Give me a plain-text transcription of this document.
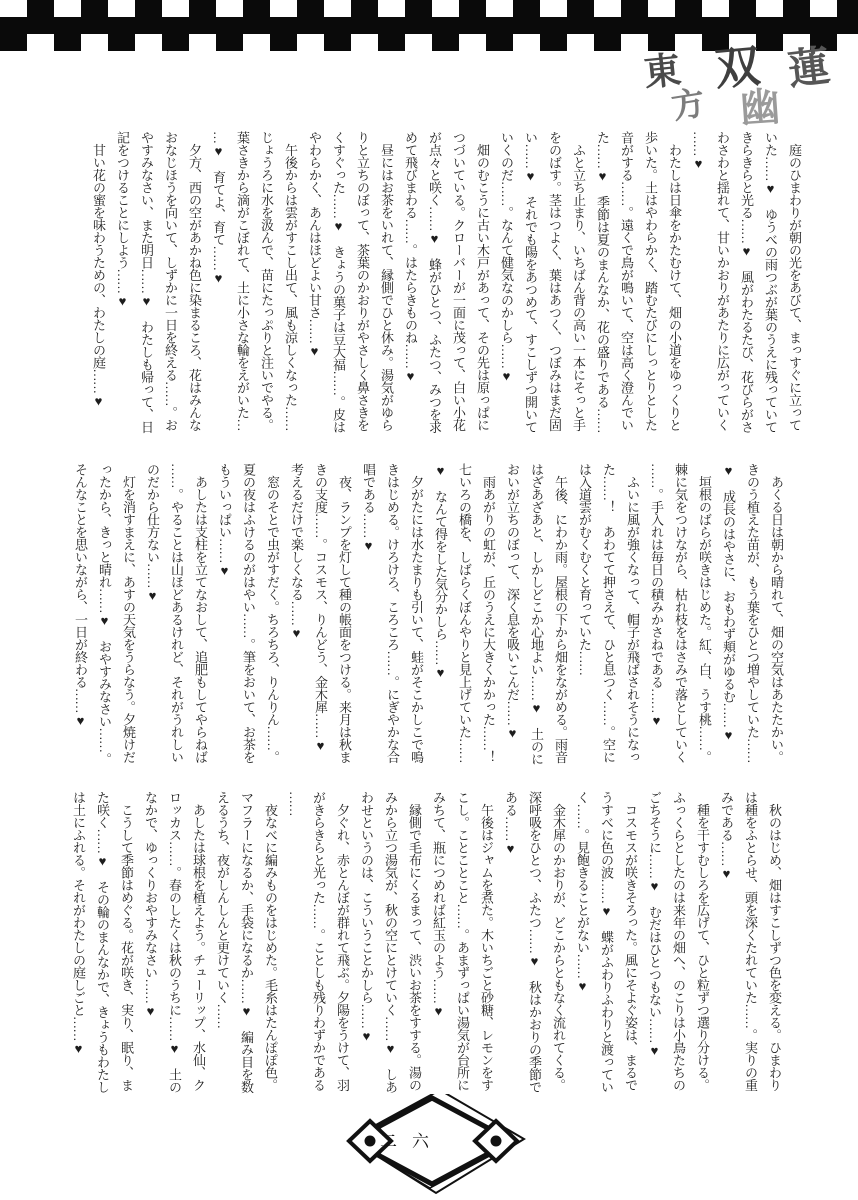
東
方
双
幽
蓮
　庭のひまわりが朝の光をあびて、まっすぐに立って
いた……♥　ゆうべの雨つぶが葉のうえに残っていて
きらきらと光る……♥　風がわたるたび、花びらがさ
わさわと揺れて、甘いかおりがあたりに広がっていく
……♥
　わたしは日傘をかたむけて、畑の小道をゆっくりと
歩いた。土はやわらかく、踏むたびにしっとりとした
音がする……。遠くで鳥が鳴いて、空は高く澄んでい
た……♥　季節は夏のまんなか、花の盛りである……
　ふと立ち止まり、いちばん背の高い一本にそっと手
をのばす。茎はつよく、葉はあつく、つぼみはまだ固
い……♥　それでも陽をあつめて、すこしずつ開いて
いくのだ……。なんて健気なのかしら……♥
　畑のむこうに古い木戸があって、その先は原っぱに
つづいている。クローバーが一面に茂って、白い小花
が点々と咲く……♥　蜂がひとつ、ふたつ、みつを求
めて飛びまわる……。はたらきものね……♥
　昼にはお茶をいれて、縁側でひと休み。湯気がゆら
りと立ちのぼって、茶葉のかおりがやさしく鼻さきを
くすぐった……♥　きょうの菓子は豆大福……。皮は
やわらかく、あんはほどよい甘さ……♥
　午後からは雲がすこし出て、風も涼しくなった……
じょうろに水を汲んで、苗にたっぷりと注いでやる。
葉さきから滴がこぼれて、土に小さな輪をえがいた…
…♥　育てよ、育て……♥
　夕方、西の空があかね色に染まるころ、花はみんな
おなじほうを向いて、しずかに一日を終える……。お
やすみなさい、また明日……♥　わたしも帰って、日
記をつけることにしよう……♥
　甘い花の蜜を味わうための、わたしの庭……♥
　あくる日は朝から晴れて、畑の空気はあたたかい。
きのう植えた苗が、もう葉をひとつ増やしていた……
♥　成長のはやさに、おもわず頬がゆるむ……♥
　垣根のばらが咲きはじめた。紅、白、うす桃……。
棘に気をつけながら、枯れ枝をはさみで落としていく
……。手入れは毎日の積みかさねである……♥
　ふいに風が強くなって、帽子が飛ばされそうになっ
た……！　あわてて押さえて、ひと息つく……。空に
は入道雲がむくむくと育っていた……
　午後、にわか雨。屋根の下から畑をながめる。雨音
はざあざあと、しかしどこか心地よい……♥　土のに
おいが立ちのぼって、深く息を吸いこんだ……♥
　雨あがりの虹が、丘のうえに大きくかかった……！
七いろの橋を、しばらくぼんやりと見上げていた……
♥　なんて得をした気分かしら……♥
　夕がたには水たまりも引いて、蛙がそこかしこで鳴
きはじめる。けろけろ、ころころ……。にぎやかな合
唱である……♥
　夜、ランプを灯して種の帳面をつける。来月は秋ま
きの支度……。コスモス、りんどう、金木犀……♥　
考えるだけで楽しくなる……♥
　窓のそとで虫がすだく。ちろちろ、りんりん……。
夏の夜はふけるのがはやい……。筆をおいて、お茶を
もういっぱい……♥
　あしたは支柱を立てなおして、追肥もしてやらねば
……。やることは山ほどあるけれど、それがうれしい
のだから仕方ない……♥
　灯を消すまえに、あすの天気をうらなう。夕焼けだ
ったから、きっと晴れ……♥　おやすみなさい……。
そんなことを思いながら、一日が終わる……♥
　秋のはじめ、畑はすこしずつ色を変える。ひまわり
は種をふとらせ、頭を深くたれていた……。実りの重
みである……♥
　種を干すむしろを広げて、ひと粒ずつ選り分ける。
ふっくらとしたのは来年の畑へ、のこりは小鳥たちの
ごちそうに……♥　むだはひとつもない……♥
　コスモスが咲きそろった。風にそよぐ姿は、まるで
うすべに色の波……♥　蝶がふわりふわりと渡ってい
く……。見飽きることがない……♥
　金木犀のかおりが、どこからともなく流れてくる。
深呼吸をひとつ、ふたつ……♥　秋はかおりの季節で
ある……♥
　午後はジャムを煮た。木いちごと砂糖、レモンをす
こし。ことことこと……。あまずっぱい湯気が台所に
みちて、瓶につめれば紅玉のよう……♥
　縁側で毛布にくるまって、渋いお茶をすする。湯の
みから立つ湯気が、秋の空にとけていく……♥　しあ
わせというのは、こういうことかしら……♥
　夕ぐれ、赤とんぼが群れて飛ぶ。夕陽をうけて、羽
がきらきらと光った……。ことしも残りわずかである
……
　夜なべに編みものをはじめた。毛糸はたんぽぽ色。
マフラーになるか、手袋になるか……♥　編み目を数
えるうち、夜がしんしんと更けていく……
　あしたは球根を植えよう。チューリップ、水仙、ク
ロッカス……。春のしたくは秋のうちに……♥　土の
なかで、ゆっくりおやすみなさい……♥
　こうして季節はめぐる。花が咲き、実り、眠り、ま
た咲く……♥　その輪のまんなかで、きょうもわたし
は土にふれる。それがわたしの庭しごと……♥
二六
